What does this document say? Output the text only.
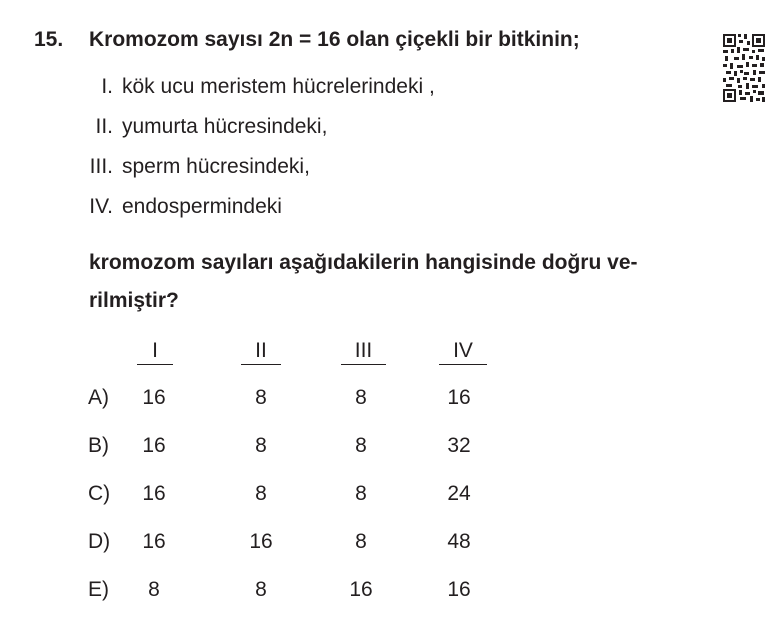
15. Kromozom sayısı 2n = 16 olan çiçekli bir bitkinin;
I. kök ucu meristem hücrelerindeki ,
II. yumurta hücresindeki,
III. sperm hücresindeki,
IV. endospermindeki
kromozom sayıları aşağıdakilerin hangisinde doğru ve-
rilmiştir?
I	II	III	IV
A)	16	8	8	16
B)	16	8	8	32
C)	16	8	8	24
D)	16	16	8	48
E)	8	8	16	16
